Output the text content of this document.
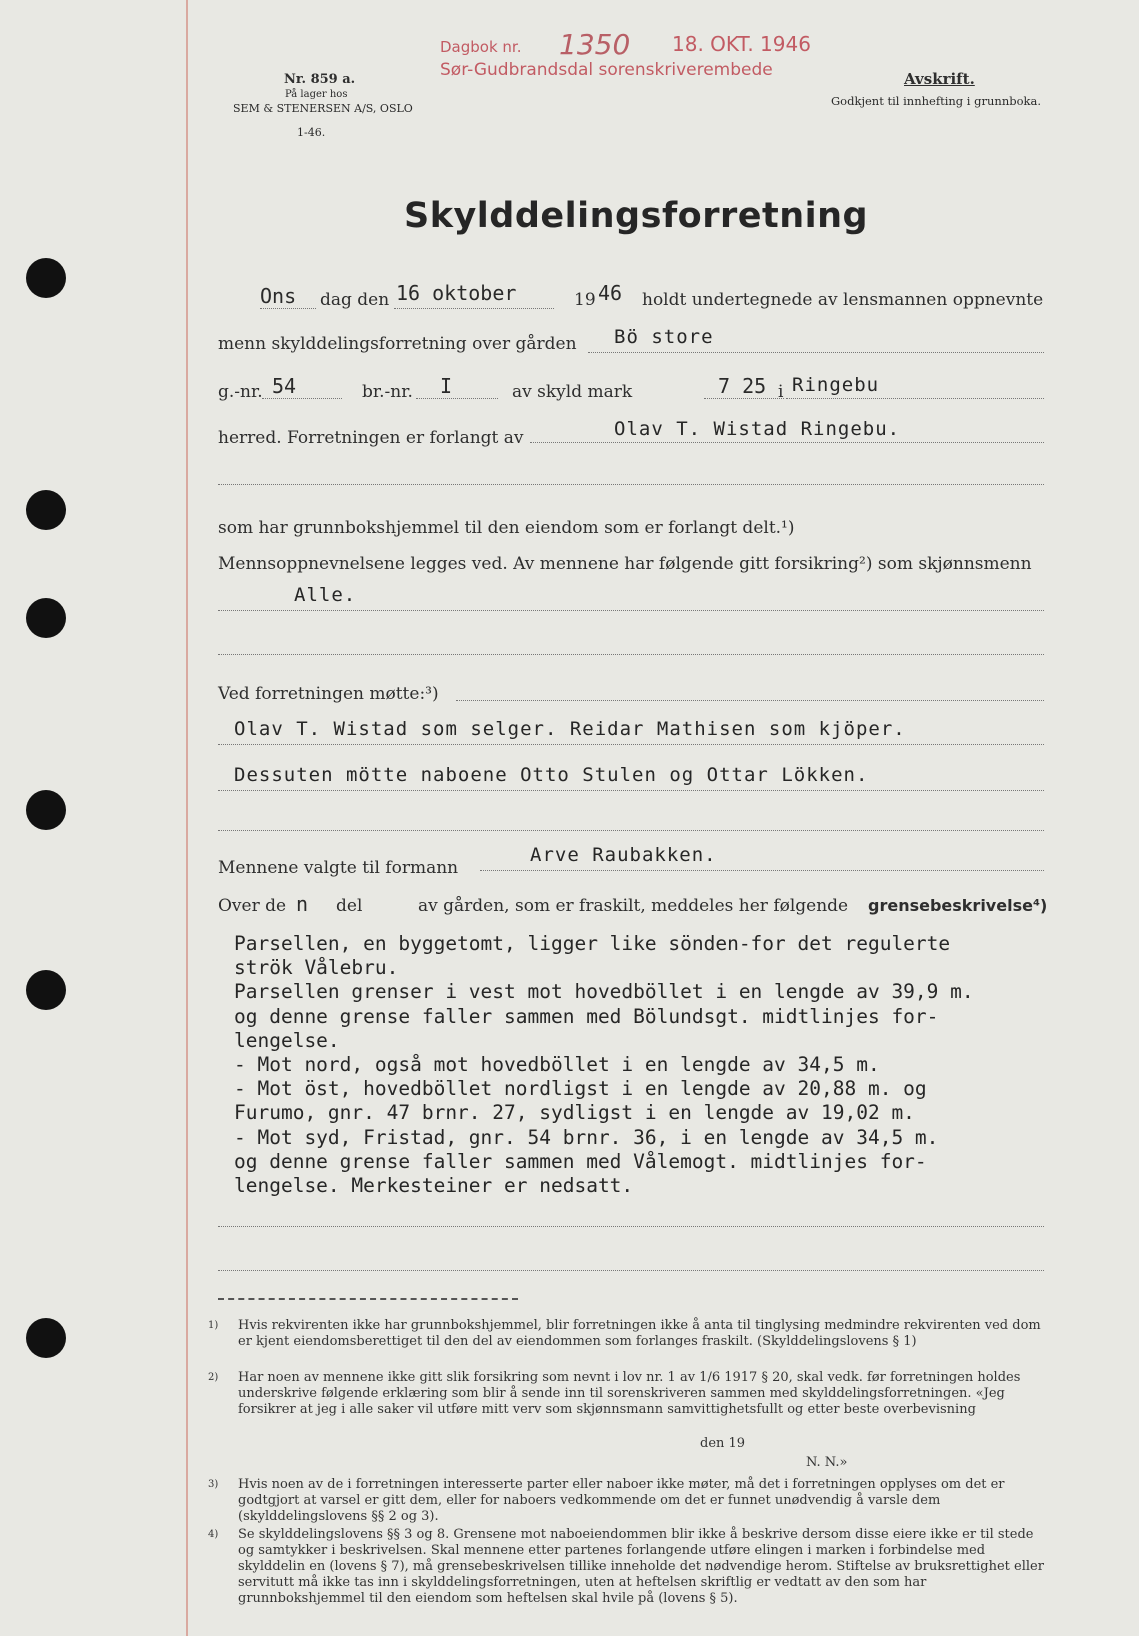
Nr. 859 a.
På lager hos
SEM & STENERSEN A/S, OSLO
1-46.
Dagbok nr. 1350 18. OKT. 1946
Sør-Gudbrandsdal sorenskriverembede	Avskrift.
Godkjent til innhefting i grunnboka.
Skylddelingsforretning
Ons dag den 16 oktober	19 46 holdt undertegnede av lensmannen oppnevnte
menn skylddelingsforretning over gården Bö store
g.-nr. 54	br.-nr. I	av skyld mark	7 25 i Ringebu
herred. Forretningen er forlangt av	Olav T. Wistad Ringebu.
som har grunnbokshjemmel til den eiendom som er forlangt delt.¹)
Mennsoppnevnelsene legges ved. Av mennene har følgende gitt forsikring²) som skjønnsmenn
Alle.
Ved forretningen møtte:³)
Olav T. Wistad som selger. Reidar Mathisen som kjöper.
Dessuten mötte naboene Otto Stulen og Ottar Lökken.
Mennene valgte til formann
Arve Raubakken.
Over de n del	av gården, som er fraskilt, meddeles her følgende grensebeskrivelse⁴)
Parsellen, en byggetomt, ligger like sönden-for det regulerte
strök Vålebru.
Parsellen grenser i vest mot hovedböllet i en lengde av 39,9 m.
og denne grense faller sammen med Bölundsgt. midtlinjes for-
lengelse.
- Mot nord, også mot hovedböllet i en lengde av 34,5 m.
- Mot öst, hovedböllet nordligst i en lengde av 20,88 m. og
Furumo, gnr. 47 brnr. 27, sydligst i en lengde av 19,02 m.
- Mot syd, Fristad, gnr. 54 brnr. 36, i en lengde av 34,5 m.
og denne grense faller sammen med Vålemogt. midtlinjes for-
lengelse. Merkesteiner er nedsatt.
1) Hvis rekvirenten ikke har grunnbokshjemmel, blir forretningen ikke å anta til tinglysing medmindre rekvirenten ved dom er kjent eiendomsberettiget til den del av eiendommen som forlanges fraskilt. (Skylddelingslovens § 1)
2) Har noen av mennene ikke gitt slik forsikring som nevnt i lov nr. 1 av 1/6 1917 § 20, skal vedk. før forretningen holdes underskrive følgende erklæring som blir å sende inn til sorenskriveren sammen med skylddelingsforretningen. «Jeg forsikrer at jeg i alle saker vil utføre mitt verv som skjønnsmann samvittighetsfullt og etter beste overbevisning
den 19
N. N.»
3) Hvis noen av de i forretningen interesserte parter eller naboer ikke møter, må det i forretningen opplyses om det er godtgjort at varsel er gitt dem, eller for naboers vedkommende om det er funnet unødvendig å varsle dem (skylddelingslovens §§ 2 og 3).
4) Se skylddelingslovens §§ 3 og 8. Grensene mot naboeiendommen blir ikke å beskrive dersom disse eiere ikke er til stede og samtykker i beskrivelsen. Skal mennene etter partenes forlangende utføre elingen i marken i forbindelse med skylddelin en (lovens § 7), må grensebeskrivelsen tillike inneholde det nødvendige herom. Stiftelse av bruksrettighet eller servitutt må ikke tas inn i skylddelingsforretningen, uten at heftelsen skriftlig er vedtatt av den som har grunnbokshjemmel til den eiendom som heftelsen skal hvile på (lovens § 5).
